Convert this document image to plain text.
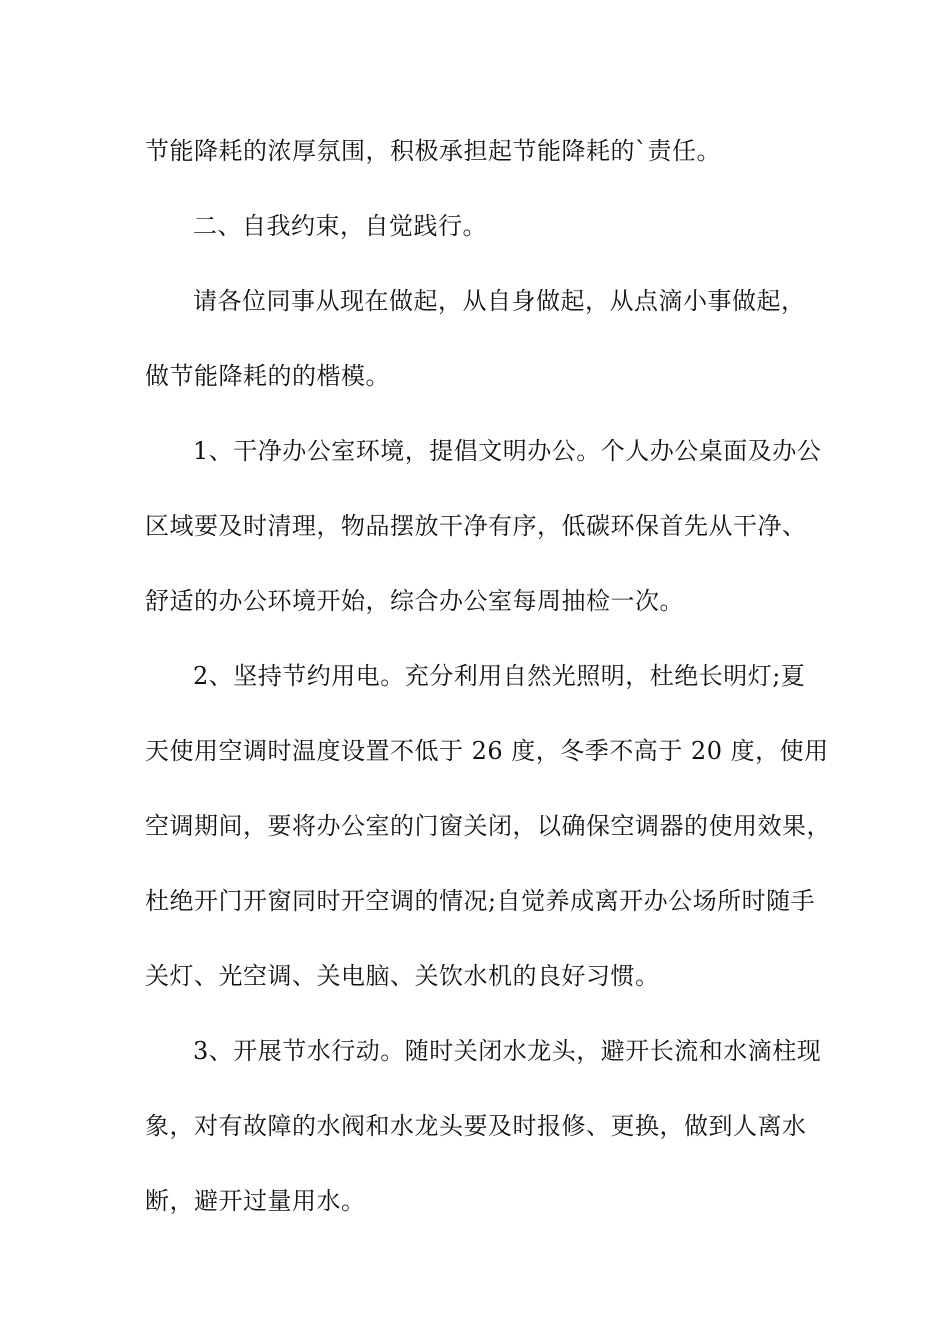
节能降耗的浓厚氛围，积极承担起节能降耗的`责任。
二、自我约束，自觉践行。
请各位同事从现在做起，从自身做起，从点滴小事做起，
做节能降耗的的楷模。
1、干净办公室环境，提倡文明办公。个人办公桌面及办公
区域要及时清理，物品摆放干净有序，低碳环保首先从干净、
舒适的办公环境开始，综合办公室每周抽检一次。
2、坚持节约用电。充分利用自然光照明，杜绝长明灯;夏
天使用空调时温度设置不低于 26 度，冬季不高于 20 度，使用
空调期间，要将办公室的门窗关闭，以确保空调器的使用效果，
杜绝开门开窗同时开空调的情况;自觉养成离开办公场所时随手
关灯、光空调、关电脑、关饮水机的良好习惯。
3、开展节水行动。随时关闭水龙头，避开长流和水滴柱现
象，对有故障的水阀和水龙头要及时报修、更换，做到人离水
断，避开过量用水。
